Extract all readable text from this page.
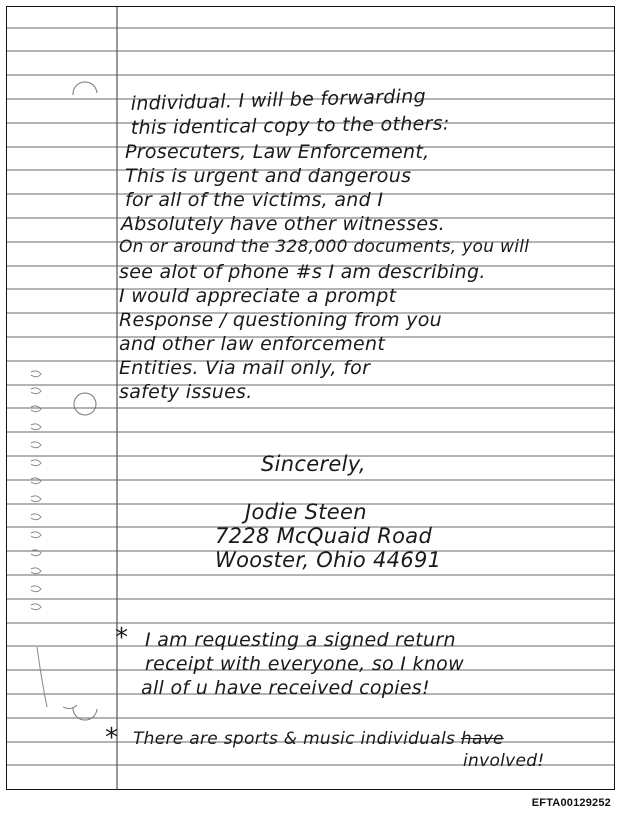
individual. I will be forwarding
this identical copy to the others:
Prosecuters, Law Enforcement,
This is urgent and dangerous
for all of the victims, and I
Absolutely have other witnesses.
On or around the 328,000 documents, you will
see alot of phone #s I am describing.
I would appreciate a prompt
Response / questioning from you
and other law enforcement
Entities. Via mail only, for
safety issues.
Sincerely,
Jodie Steen
7228 McQuaid Road
Wooster, Ohio 44691
* I am requesting a signed return
receipt with everyone, so I know
all of u have received copies!
* There are sports & music individuals have
involved!
EFTA00129252
